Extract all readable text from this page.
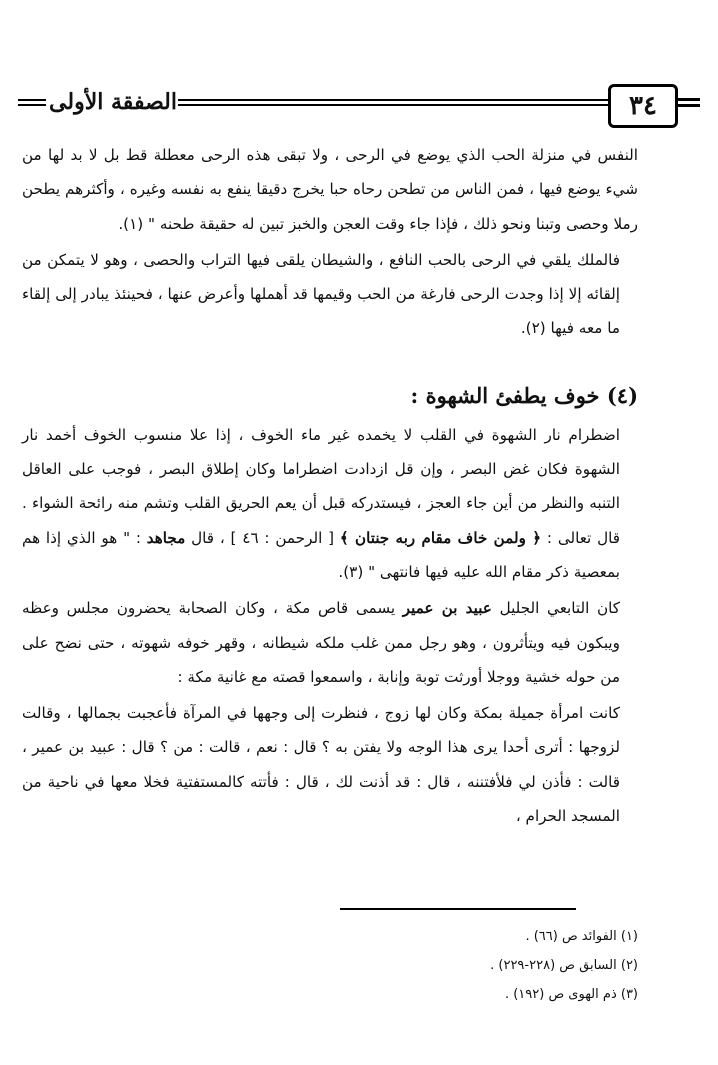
٣٤
الصفقة الأولى

النفس في منزلة الحب الذي يوضع في الرحى ، ولا تبقى هذه الرحى معطلة قط بل لا بد لها من شيء يوضع فيها ، فمن الناس من تطحن رحاه حبا يخرج دقيقا ينفع به نفسه وغيره ، وأكثرهم يطحن رملا وحصى وتبنا ونحو ذلك ، فإذا جاء وقت العجن والخبز تبين له حقيقة طحنه " (١).

فالملك يلقي في الرحى بالحب النافع ، والشيطان يلقى فيها التراب والحصى ، وهو لا يتمكن من إلقائه إلا إذا وجدت الرحى فارغة من الحب وقيمها قد أهملها وأعرض عنها ، فحينئذ يبادر إلى إلقاء ما معه فيها (٢).

(٤) خوف يطفئ الشهوة :

اضطرام نار الشهوة في القلب لا يخمده غير ماء الخوف ، إذا علا منسوب الخوف أخمد نار الشهوة فكان غض البصر ، وإن قل ازدادت اضطراما وكان إطلاق البصر ، فوجب على العاقل التنبه والنظر من أين جاء العجز ، فيستدركه قبل أن يعم الحريق القلب وتشم منه رائحة الشواء . قال تعالى : ﴿ ولمن خاف مقام ربه جنتان ﴾ [ الرحمن : ٤٦ ] ، قال مجاهد : " هو الذي إذا هم بمعصية ذكر مقام الله عليه فيها فانتهى " (٣).

كان التابعي الجليل عبيد بن عمير يسمى قاص مكة ، وكان الصحابة يحضرون مجلس وعظه ويبكون فيه ويتأثرون ، وهو رجل ممن غلب ملكه شيطانه ، وقهر خوفه شهوته ، حتى نضح على من حوله خشية ووجلا أورثت توبة وإنابة ، واسمعوا قصته مع غانية مكة :

كانت امرأة جميلة بمكة وكان لها زوج ، فنظرت إلى وجهها في المرآة فأعجبت بجمالها ، وقالت لزوجها : أترى أحدا يرى هذا الوجه ولا يفتن به ؟ قال : نعم ، قالت : من ؟ قال : عبيد بن عمير ، قالت : فأذن لي فلأفتننه ، قال : قد أذنت لك ، قال : فأتته كالمستفتية فخلا معها في ناحية من المسجد الحرام ،

(١) الفوائد ص (٦٦) .
(٢) السابق ص (٢٢٨-٢٢٩) .
(٣) ذم الهوى ص (١٩٢) .
